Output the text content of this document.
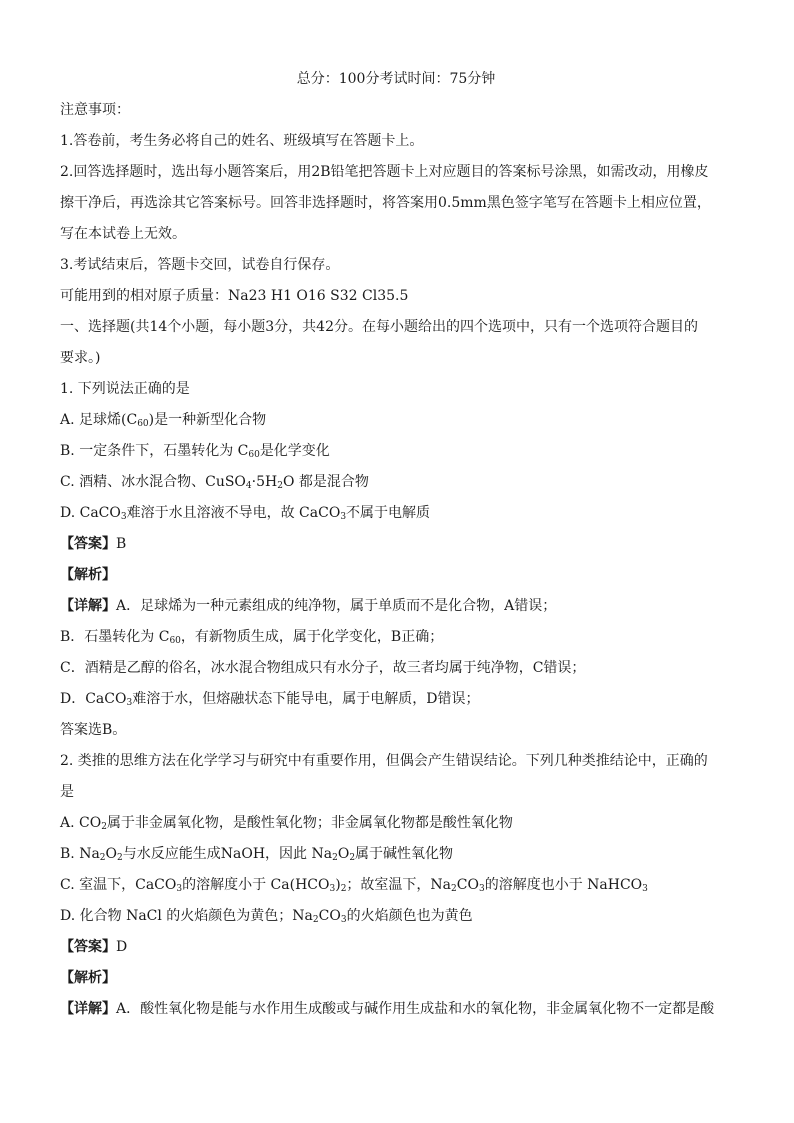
总分：100分考试时间：75分钟
注意事项：
1.答卷前，考生务必将自己的姓名、班级填写在答题卡上。
2.回答选择题时，选出每小题答案后，用2B铅笔把答题卡上对应题目的答案标号涂黑，如需改动，用橡皮
擦干净后，再选涂其它答案标号。回答非选择题时，将答案用0.5mm黑色签字笔写在答题卡上相应位置，
写在本试卷上无效。
3.考试结束后，答题卡交回，试卷自行保存。
可能用到的相对原子质量：Na23 H1 O16 S32 Cl35.5
一、选择题(共14个小题，每小题3分，共42分。在每小题给出的四个选项中，只有一个选项符合题目的
要求。)
1. 下列说法正确的是
A. 足球烯$(C_{60})$是一种新型化合物
B. 一定条件下，石墨转化为 $C_{60}$是化学变化
C. 酒精、冰水混合物、$CuSO_4\cdot 5H_2O$ 都是混合物
D. CaCO$_3$难溶于水且溶液不导电，故 CaCO$_3$不属于电解质
【答案】B
【解析】
【详解】A．足球烯为一种元素组成的纯净物，属于单质而不是化合物，A错误；
B．石墨转化为 $C_{60}$，有新物质生成，属于化学变化，B正确；
C．酒精是乙醇的俗名，冰水混合物组成只有水分子，故三者均属于纯净物，C错误；
D．CaCO$_3$难溶于水，但熔融状态下能导电，属于电解质，D错误；
答案选B。
2. 类推的思维方法在化学学习与研究中有重要作用，但偶会产生错误结论。下列几种类推结论中，正确的
是
A. $CO_2$属于非金属氧化物，是酸性氧化物；非金属氧化物都是酸性氧化物
B. $Na_2O_2$与水反应能生成NaOH，因此 $Na_2O_2$属于碱性氧化物
C. 室温下，CaCO$_3$的溶解度小于 $Ca(HCO_3)_2$；故室温下，$Na_2CO_3$的溶解度也小于 NaHCO$_3$
D. 化合物 NaCl 的火焰颜色为黄色；$Na_2CO_3$的火焰颜色也为黄色
【答案】D
【解析】
【详解】A．酸性氧化物是能与水作用生成酸或与碱作用生成盐和水的氧化物，非金属氧化物不一定都是酸
